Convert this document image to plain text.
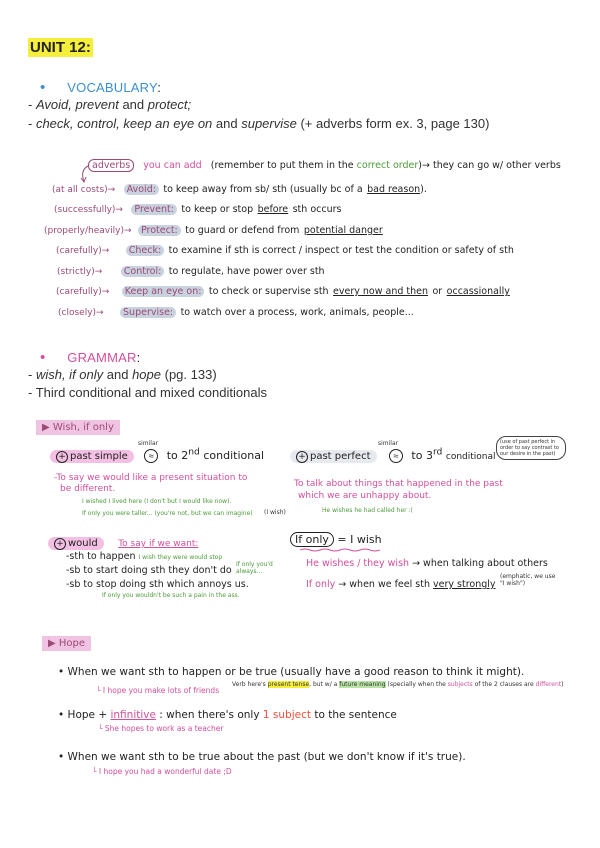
UNIT 12:
• VOCABULARY:
- Avoid, prevent and protect;
- check, control, keep an eye on and supervise (+ adverbs form ex. 3, page 130)
adverbs you can add (remember to put them in the correct order)→ they can go w/ other verbs
(at all costs)→ Avoid: to keep away from sb/ sth (usually bc of a bad reason).
(successfully)→ Prevent: to keep or stop before sth occurs
(properly/heavily)→ Protect: to guard or defend from potential danger
(carefully)→ Check: to examine if sth is correct / inspect or test the condition or safety of sth
(strictly)→ Control: to regulate, have power over sth
(carefully)→ Keep an eye on: to check or supervise sth every now and then or occassionally
(closely)→ Supervise: to watch over a process, work, animals, people...
• GRAMMAR:
- wish, if only and hope (pg. 133)
- Third conditional and mixed conditionals
▶ Wish, if only
+ past simple ≈ to 2nd conditional
similar
-To say we would like a present situation to
be different.
I wished I lived here (I don't but I would like now).
If only you were taller... (you're not, but we can imagine) (I wish)
+ would To say if we want:
-sth to happen I wish they were would stop
-sb to start doing sth they don't do
If only you'd always...
-sb to stop doing sth which annoys us.
If only you wouldn't be such a pain in the ass.
+ past perfect	≈ to 3rd conditional
similar	(use of past perfect in order to say contrast to our desire in the past)
To talk about things that happened in the past
which we are unhappy about.
He wishes he had called her :(
If only = I wish
He wishes / they wish → when talking about others
If only → when we feel sth very strongly
(emphatic, we use "I wish")
▶ Hope
• When we want sth to happen or be true (usually have a good reason to think it might).
└ I hope you make lots of friends
Verb here's present tense, but w/ a future meaning (specially when the subjects of the 2 clauses are different)
• Hope + infinitive : when there's only 1 subject to the sentence
└ She hopes to work as a teacher
• When we want sth to be true about the past (but we don't know if it's true).
└ I hope you had a wonderful date ;D
